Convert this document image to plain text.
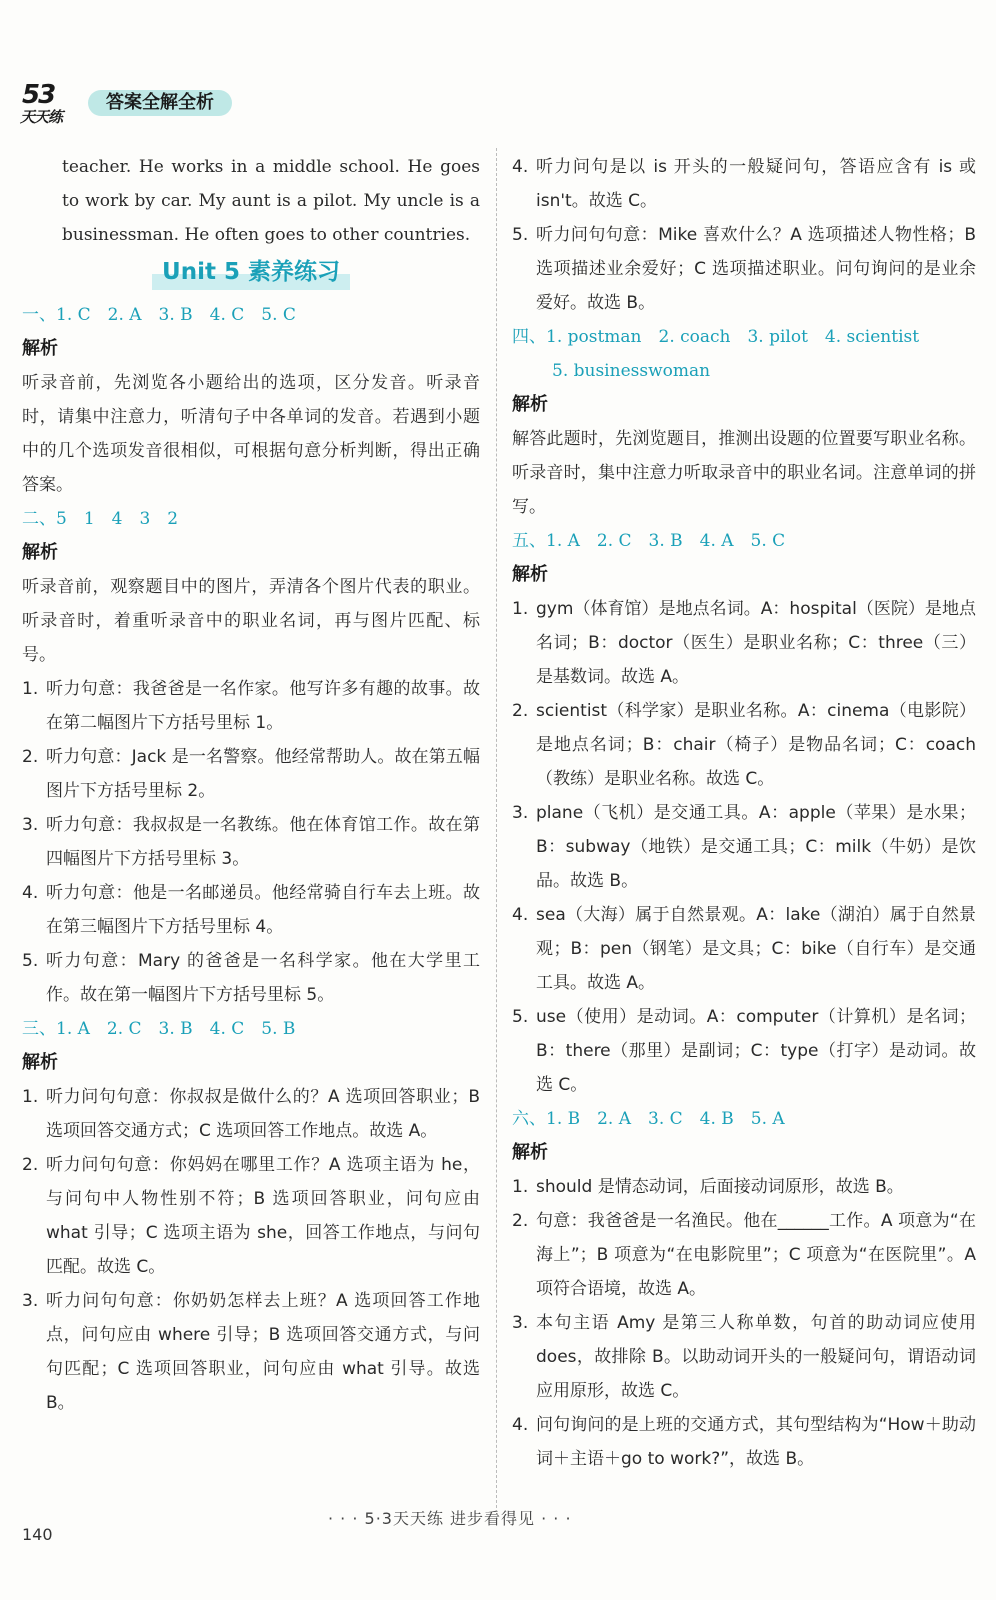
53
天天练
答案全解全析
teacher. He works in a middle school. He goes to work by car. My aunt is a pilot. My uncle is a businessman. He often goes to other countries.
Unit 5 素养练习
一、1. C　2. A　3. B　4. C　5. C
解析
听录音前，先浏览各小题给出的选项，区分发音。听录音时，请集中注意力，听清句子中各单词的发音。若遇到小题中的几个选项发音很相似，可根据句意分析判断，得出正确答案。
二、5　1　4　3　2
解析
听录音前，观察题目中的图片，弄清各个图片代表的职业。听录音时，着重听录音中的职业名词，再与图片匹配、标号。
1. 听力句意：我爸爸是一名作家。他写许多有趣的故事。故在第二幅图片下方括号里标 1。
2. 听力句意：Jack 是一名警察。他经常帮助人。故在第五幅图片下方括号里标 2。
3. 听力句意：我叔叔是一名教练。他在体育馆工作。故在第四幅图片下方括号里标 3。
4. 听力句意：他是一名邮递员。他经常骑自行车去上班。故在第三幅图片下方括号里标 4。
5. 听力句意：Mary 的爸爸是一名科学家。他在大学里工作。故在第一幅图片下方括号里标 5。
三、1. A　2. C　3. B　4. C　5. B
解析
1. 听力问句句意：你叔叔是做什么的？A 选项回答职业；B 选项回答交通方式；C 选项回答工作地点。故选 A。
2. 听力问句句意：你妈妈在哪里工作？A 选项主语为 he，与问句中人物性别不符；B 选项回答职业，问句应由 what 引导；C 选项主语为 she，回答工作地点，与问句匹配。故选 C。
3. 听力问句句意：你奶奶怎样去上班？A 选项回答工作地点，问句应由 where 引导；B 选项回答交通方式，与问句匹配；C 选项回答职业，问句应由 what 引导。故选 B。
4. 听力问句是以 is 开头的一般疑问句，答语应含有 is 或 isn't。故选 C。
5. 听力问句句意：Mike 喜欢什么？A 选项描述人物性格；B 选项描述业余爱好；C 选项描述职业。问句询问的是业余爱好。故选 B。
四、1. postman　2. coach　3. pilot　4. scientist
5. businesswoman
解析
解答此题时，先浏览题目，推测出设题的位置要写职业名称。听录音时，集中注意力听取录音中的职业名词。注意单词的拼写。
五、1. A　2. C　3. B　4. A　5. C
解析
1. gym（体育馆）是地点名词。A：hospital（医院）是地点名词；B：doctor（医生）是职业名称；C：three（三）是基数词。故选 A。
2. scientist（科学家）是职业名称。A：cinema（电影院）是地点名词；B：chair（椅子）是物品名词；C：coach（教练）是职业名称。故选 C。
3. plane（飞机）是交通工具。A：apple（苹果）是水果；B：subway（地铁）是交通工具；C：milk（牛奶）是饮品。故选 B。
4. sea（大海）属于自然景观。A：lake（湖泊）属于自然景观；B：pen（钢笔）是文具；C：bike（自行车）是交通工具。故选 A。
5. use（使用）是动词。A：computer（计算机）是名词；B：there（那里）是副词；C：type（打字）是动词。故选 C。
六、1. B　2. A　3. C　4. B　5. A
解析
1. should 是情态动词，后面接动词原形，故选 B。
2. 句意：我爸爸是一名渔民。他在______工作。A 项意为“在海上”；B 项意为“在电影院里”；C 项意为“在医院里”。A 项符合语境，故选 A。
3. 本句主语 Amy 是第三人称单数，句首的助动词应使用 does，故排除 B。以助动词开头的一般疑问句，谓语动词应用原形，故选 C。
4. 问句询问的是上班的交通方式，其句型结构为“How＋助动词＋主语＋go to work?”，故选 B。
140
· · · 5·3天天练 进步看得见 · · ·
